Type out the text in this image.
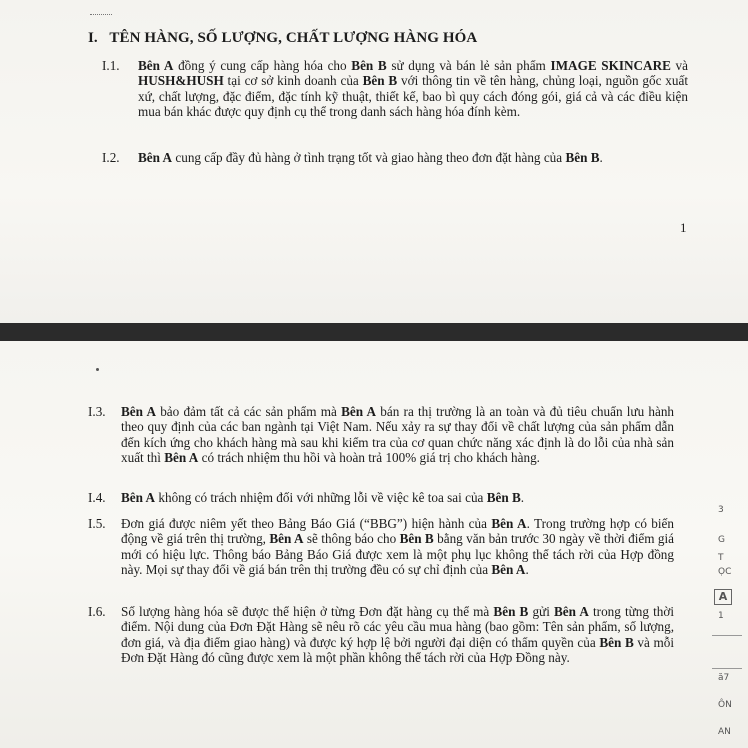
I. TÊN HÀNG, SỐ LƯỢNG, CHẤT LƯỢNG HÀNG HÓA
I.1. Bên A đồng ý cung cấp hàng hóa cho Bên B sử dụng và bán lẻ sản phẩm IMAGE SKINCARE và HUSH&HUSH tại cơ sở kinh doanh của Bên B với thông tin về tên hàng, chủng loại, nguồn gốc xuất xứ, chất lượng, đặc điểm, đặc tính kỹ thuật, thiết kế, bao bì quy cách đóng gói, giá cả và các điều kiện mua bán khác được quy định cụ thể trong danh sách hàng hóa đính kèm.
I.2. Bên A cung cấp đầy đủ hàng ở tình trạng tốt và giao hàng theo đơn đặt hàng của Bên B.
1
I.3. Bên A bảo đảm tất cả các sản phẩm mà Bên A bán ra thị trường là an toàn và đủ tiêu chuẩn lưu hành theo quy định của các ban ngành tại Việt Nam. Nếu xảy ra sự thay đổi về chất lượng của sản phẩm dẫn đến kích ứng cho khách hàng mà sau khi kiểm tra của cơ quan chức năng xác định là do lỗi của nhà sản xuất thì Bên A có trách nhiệm thu hồi và hoàn trả 100% giá trị cho khách hàng.
I.4. Bên A không có trách nhiệm đối với những lỗi về việc kê toa sai của Bên B.
I.5. Đơn giá được niêm yết theo Bảng Báo Giá (“BBG”) hiện hành của Bên A. Trong trường hợp có biến động về giá trên thị trường, Bên A sẽ thông báo cho Bên B bằng văn bản trước 30 ngày về thời điểm giá mới có hiệu lực. Thông báo Bảng Báo Giá được xem là một phụ lục không thể tách rời của Hợp đồng này. Mọi sự thay đổi về giá bán trên thị trường đều có sự chỉ định của Bên A.
I.6. Số lượng hàng hóa sẽ được thể hiện ở từng Đơn đặt hàng cụ thể mà Bên B gửi Bên A trong từng thời điểm. Nội dung của Đơn Đặt Hàng sẽ nêu rõ các yêu cầu mua hàng (bao gồm: Tên sản phẩm, số lượng, đơn giá, và địa điểm giao hàng) và được ký hợp lệ bởi người đại diện có thẩm quyền của Bên B và mỗi Đơn Đặt Hàng đó cũng được xem là một phần không thể tách rời của Hợp Đồng này.
3
G
T
ỌC
A
1
ă7
ÔN
AN
